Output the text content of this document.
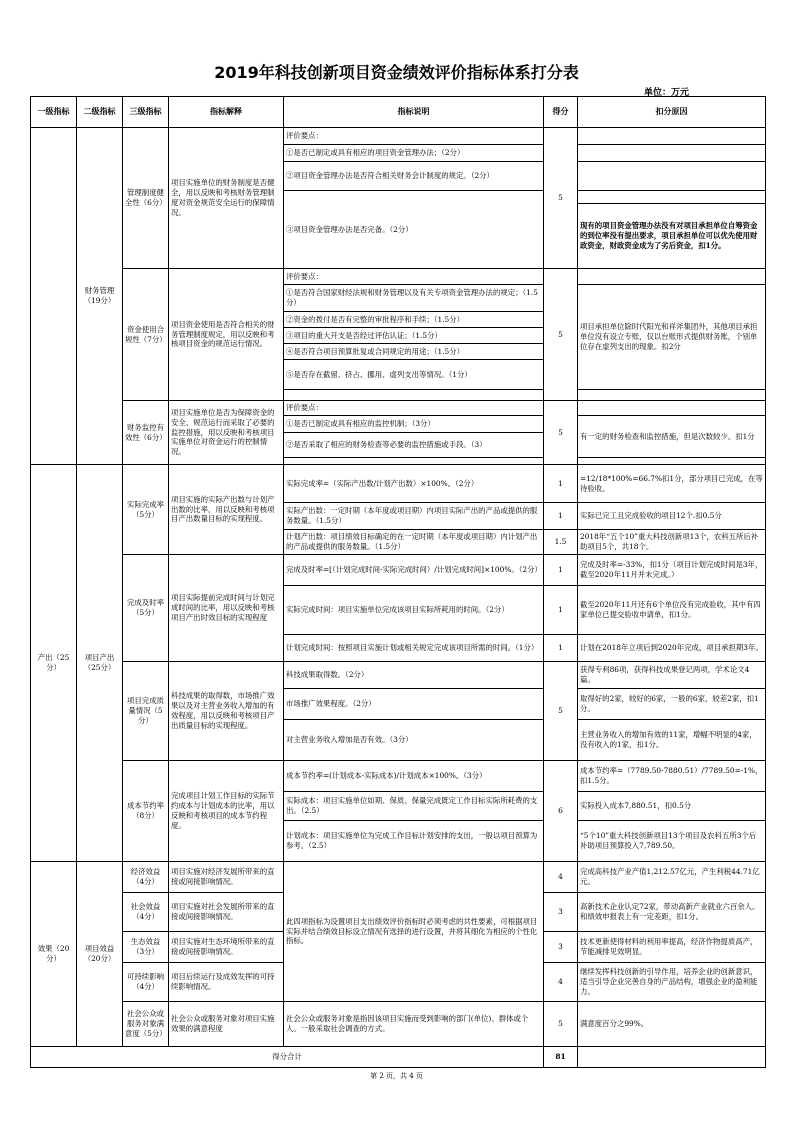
2019年科技创新项目资金绩效评价指标体系打分表
单位：万元
一级指标	二级指标	三级指标	指标解释	指标说明	得分	扣分原因
	财务管理（19分）	管理制度健全性（6分）	项目实施单位的财务制度是否健全，用以反映和考核财务管理制度对资金规范安全运行的保障情况。	评价要点：	5	
				①是否已制定或具有相应的项目资金管理办法；（2分）		
				②项目资金管理办法是否符合相关财务会计制度的规定。（2分）		
				③项目资金管理办法是否完备。（2分）		
						现有的项目资金管理办法没有对项目承担单位自筹资金的到位率没有提出要求，项目承担单位可以优先使用财政资金，财政资金成为了劣后资金，扣1分。
		资金使用合规性（7分）	项目资金使用是否符合相关的财务管理制度规定，用以反映和考核项目资金的规范运行情况。	评价要点：	5	
				①是否符合国家财经法规和财务管理以及有关专项资金管理办法的规定；（1.5分）		项目承担单位除时代阳光和祥斧集团外，其他项目承担单位没有设立专账，仅以台账形式提供财务账，个别单位存在虚列支出的现象。扣2分
				②资金的拨付是否有完整的审批程序和手续；（1.5分）		
				③项目的重大开支是否经过评估认证；（1.5分）		
				④是否符合项目预算批复或合同规定的用途；（1.5分）		
				⑤是否存在截留、挤占、挪用、虚列支出等情况。（1分）		

		财务监控有效性（6分）	项目实施单位是否为保障资金的安全、规范运行而采取了必要的监控措施，用以反映和考核项目实施单位对资金运行的控制情况。	评价要点：	5	
				①是否已制定或具有相应的监控机制；（3分）		有一定的财务检查和监控措施，但是次数较少。扣1分
				②是否采取了相应的财务检查等必要的监控措施或手段。（3）		

产出（25分）	项目产出（25分）	实际完成率（5分）	项目实施的实际产出数与计划产出数的比率，用以反映和考核项目产出数量目标的实现程度。	实际完成率=（实际产出数/计划产出数）×100%。（2分）	1	=12/18*100%=66.7%扣1分，部分项目已完成，在等待验收。
				实际产出数：一定时期（本年度或项目期）内项目实际产出的产品或提供的服务数量。（1.5分）	1	实际已完工且完成验收的项目12个.扣0.5分
				计划产出数：项目绩效目标确定的在一定时期（本年度或项目期）内计划产出的产品或提供的服务数量。（1.5分）	1.5	2018年“五个10”重大科技创新项13个，农科五所后补助项目5个，共18个。
		完成及时率（5分）	项目实际提前完成时间与计划完成时间的比率，用以反映和考核项目产出时效目标的实现程度	完成及时率=[（计划完成时间-实际完成时间）/计划完成时间]×100%。（2分）	1	完成及时率=-33%，扣1分（项目计划完成时间是3年，截至2020年11月并未完成。）
				实际完成时间：项目实施单位完成该项目实际所耗用的时间。（2分）	1	截至2020年11月还有6个单位没有完成验收，其中有四家单位已提交验收申请单，扣1分。
				计划完成时间：按照项目实施计划或相关规定完成该项目所需的时间。（1分）	1	计划在2018年立项后到2020年完成，项目承担期3年。
		项目完成质量情况（5分）	科技成果的取得数，市场推广效果以及对主营业务收入增加的有效程度，用以反映和考核项目产出质量目标的实现程度。	科技成果取得数。（2分）	5	获得专利86项，获得科技成果登记两项，学术论文4篇。
				市场推广效果程度。（2分）		取得好的2家，较好的6家，一般的6家，较差2家，扣1分。
				对主营业务收入增加是否有效。（3分）		主营业务收入的增加有效的11家，增幅不明显的4家，没有收入的1家，扣1分。
		成本节约率（8分）	完成项目计划工作目标的实际节约成本与计划成本的比率，用以反映和考核项目的成本节约程度。	成本节约率=(计划成本-实际成本)/计划成本×100%。（3分）	6	成本节约率=（7789.50-7880.51）/7789.50=-1%，扣1.5分。
				实际成本：项目实施单位如期、保质、保量完成既定工作目标实际所耗费的支出。（2.5）		实际投入成本7,880.51，扣0.5分
				计划成本：项目实施单位为完成工作目标计划安排的支出，一般以项目预算为参考。（2.5）		“5个10”重大科技创新项目13个项目及农科五所3个后补助项目预算投入7,789.50。
效果（20分）	项目效益（20分）	经济效益（4分）	项目实施对经济发展所带来的直接或间接影响情况。	此四项指标为设置项目支出绩效评价指标时必须考虑的共性要素，可根据项目实际并结合绩效目标设立情况有选择的进行设置，并将其细化为相应的个性化指标。	4	完成高科技产业产值1,212.57亿元，产生利税44.71亿元。
		社会效益（4分）	项目实施对社会发展所带来的直接或间接影响情况。		3	高新技术企业认定72家，带动高新产业就业六百余人。和绩效申报表上有一定差距，扣1分。
		生态效益（3分）	项目实施对生态环境所带来的直接或间接影响情况。		3	技术更新使得材料的利用率提高，经济作物提质高产，节能减排见效明显。
		可持续影响（4分）	项目后续运行及成效发挥的可持续影响情况。		4	继续发挥科技创新的引导作用，培养企业的创新意识，适当引导企业完善自身的产品结构，增强企业的盈利能力。
		社会公众或服务对象满意度（5分）	社会公众或服务对象对项目实施效果的满意程度	社会公众或服务对象是指因该项目实施而受到影响的部门(单位)、群体或个人。一般采取社会调查的方式。	5	满意度百分之99%。
得分合计					81	
第 2 页，共 4 页
